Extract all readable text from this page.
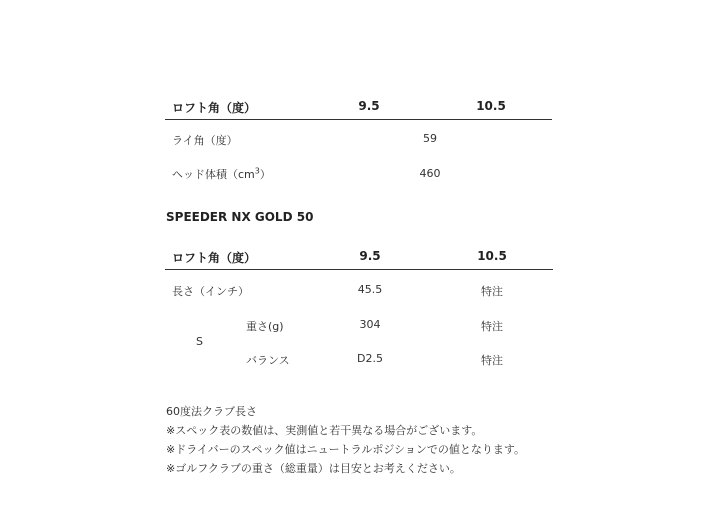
ロフト角（度）	9.5	10.5
ライ角（度）	59
ヘッド体積$(cm^3)$	460
SPEEDER NX GOLD 50
ロフト角（度）	9.5	10.5
長さ（インチ）	45.5	特注
S
重さ(g)	304	特注
バランス	D2.5	特注
60度法クラブ長さ
※スペック表の数値は、実測値と若干異なる場合がございます。
※ドライバーのスペック値はニュートラルポジションでの値となります。
※ゴルフクラブの重さ（総重量）は目安とお考えください。
